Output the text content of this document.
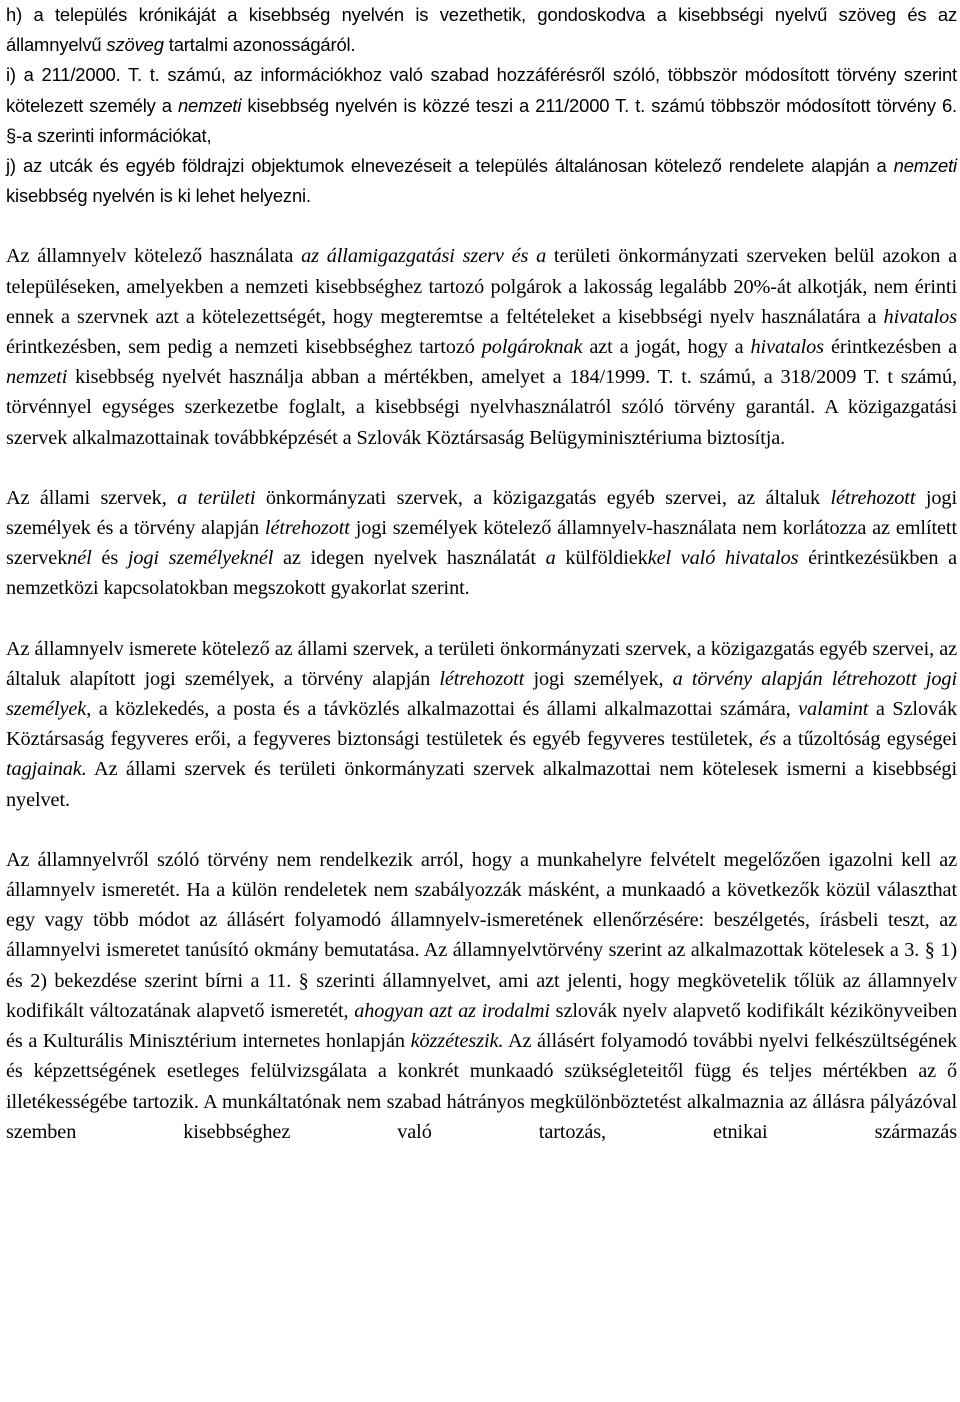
h) a település krónikáját a kisebbség nyelvén is vezethetik, gondoskodva a kisebbségi nyelvű szöveg és az államnyelvű szöveg tartalmi azonosságáról.

i) a 211/2000. T. t. számú, az információkhoz való szabad hozzáférésről szóló, többször módosított törvény szerint kötelezett személy a nemzeti kisebbség nyelvén is közzé teszi a 211/2000 T. t. számú többször módosított törvény 6. §-a szerinti információkat,

j) az utcák és egyéb földrajzi objektumok elnevezéseit a település általánosan kötelező rendelete alapján a nemzeti kisebbség nyelvén is ki lehet helyezni.

Az államnyelv kötelező használata az államigazgatási szerv és a területi önkormányzati szerveken belül azokon a településeken, amelyekben a nemzeti kisebbséghez tartozó polgárok a lakosság legalább 20%-át alkotják, nem érinti ennek a szervnek azt a kötelezettségét, hogy megteremtse a feltételeket a kisebbségi nyelv használatára a hivatalos érintkezésben, sem pedig a nemzeti kisebbséghez tartozó polgároknak azt a jogát, hogy a hivatalos érintkezésben a nemzeti kisebbség nyelvét használja abban a mértékben, amelyet a 184/1999. T. t. számú, a 318/2009 T. t számú, törvénnyel egységes szerkezetbe foglalt, a kisebbségi nyelvhasználatról szóló törvény garantál. A közigazgatási szervek alkalmazottainak továbbképzését a Szlovák Köztársaság Belügyminisztériuma biztosítja.

Az állami szervek, a területi önkormányzati szervek, a közigazgatás egyéb szervei, az általuk létrehozott jogi személyek és a törvény alapján létrehozott jogi személyek kötelező államnyelv-használata nem korlátozza az említett szerveknél és jogi személyeknél az idegen nyelvek használatát a külföldiekkel való hivatalos érintkezésükben a nemzetközi kapcsolatokban megszokott gyakorlat szerint.

Az államnyelv ismerete kötelező az állami szervek, a területi önkormányzati szervek, a közigazgatás egyéb szervei, az általuk alapított jogi személyek, a törvény alapján létrehozott jogi személyek, a törvény alapján létrehozott jogi személyek, a közlekedés, a posta és a távközlés alkalmazottai és állami alkalmazottai számára, valamint a Szlovák Köztársaság fegyveres erői, a fegyveres biztonsági testületek és egyéb fegyveres testületek, és a tűzoltóság egységei tagjainak. Az állami szervek és területi önkormányzati szervek alkalmazottai nem kötelesek ismerni a kisebbségi nyelvet.

Az államnyelvről szóló törvény nem rendelkezik arról, hogy a munkahelyre felvételt megelőzően igazolni kell az államnyelv ismeretét. Ha a külön rendeletek nem szabályozzák másként, a munkaadó a következők közül választhat egy vagy több módot az állásért folyamodó államnyelv-ismeretének ellenőrzésére: beszélgetés, írásbeli teszt, az államnyelvi ismeretet tanúsító okmány bemutatása. Az államnyelvtörvény szerint az alkalmazottak kötelesek a 3. § 1) és 2) bekezdése szerint bírni a 11. § szerinti államnyelvet, ami azt jelenti, hogy megkövetelik tőlük az államnyelv kodifikált változatának alapvető ismeretét, ahogyan azt az irodalmi szlovák nyelv alapvető kodifikált kézikönyveiben és a Kulturális Minisztérium internetes honlapján közzéteszik. Az állásért folyamodó további nyelvi felkészültségének és képzettségének esetleges felülvizsgálata a konkrét munkaadó szükségleteitől függ és teljes mértékben az ő illetékességébe tartozik. A munkáltatónak nem szabad hátrányos megkülönböztetést alkalmaznia az állásra pályázóval szemben kisebbséghez való tartozás, etnikai származás
